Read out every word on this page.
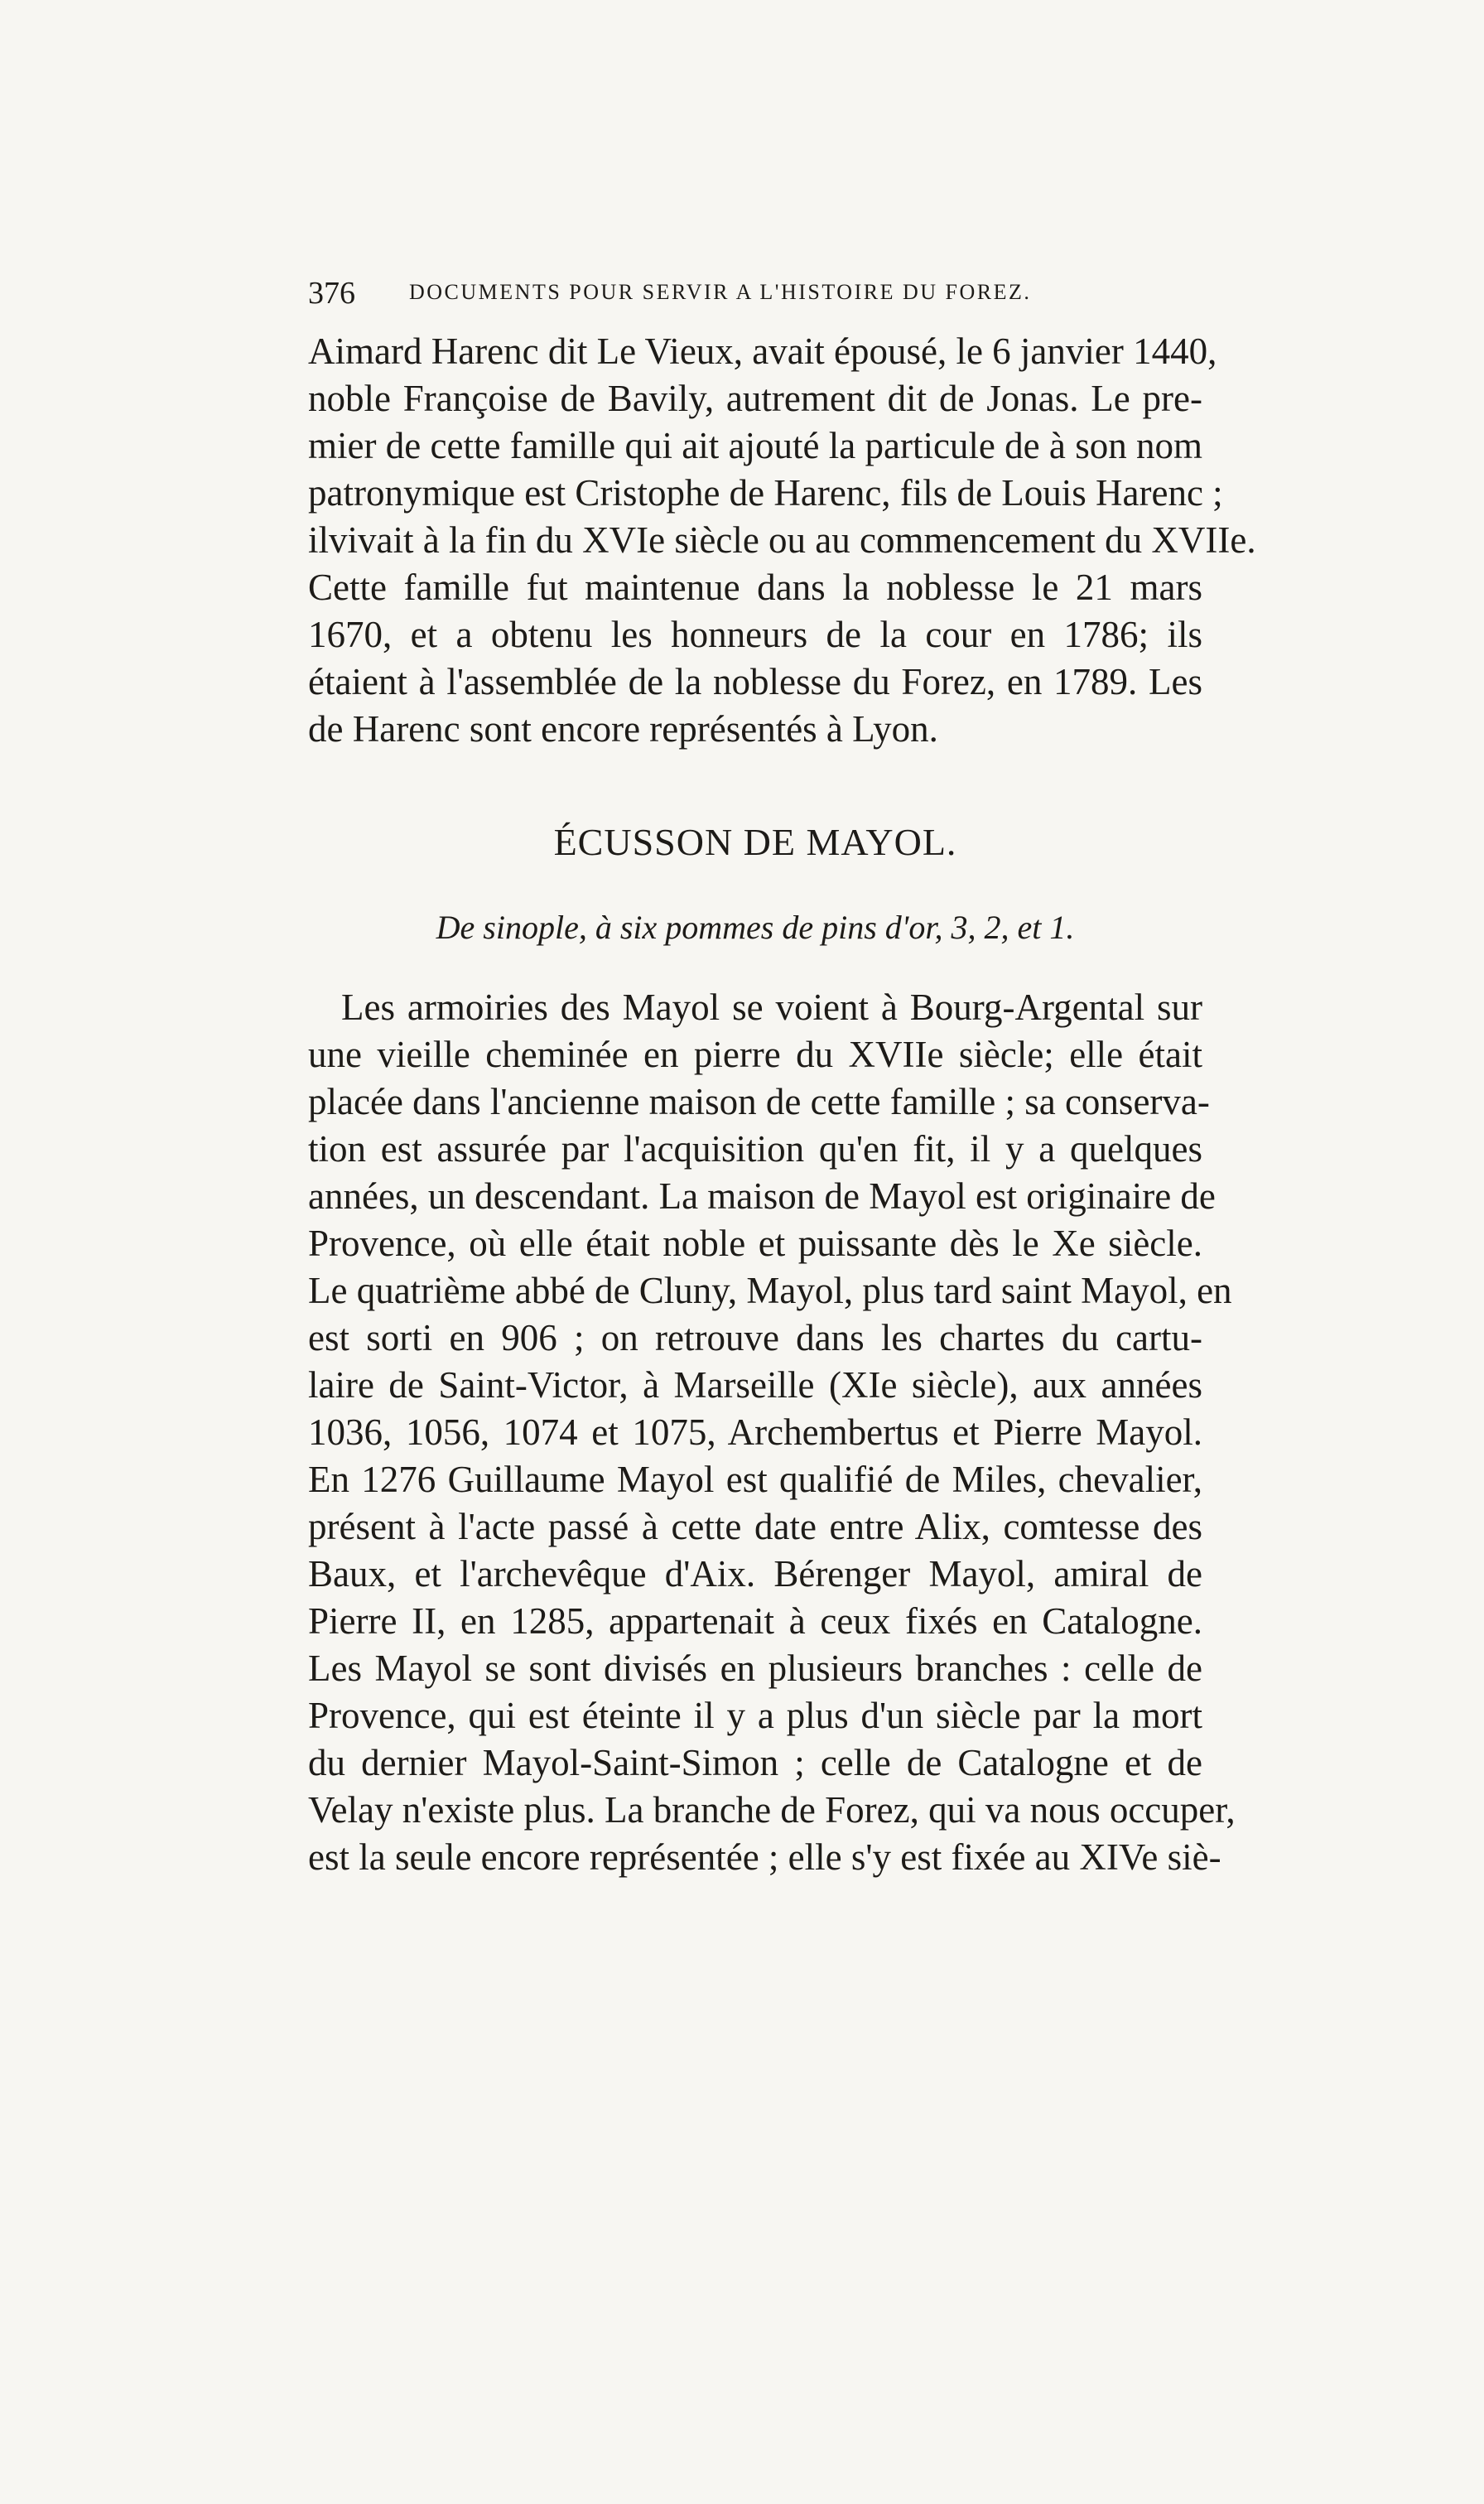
376	DOCUMENTS POUR SERVIR A L'HISTOIRE DU FOREZ.
Aimard Harenc dit Le Vieux, avait épousé, le 6 janvier 1440,
noble Françoise de Bavily, autrement dit de Jonas. Le pre-
mier de cette famille qui ait ajouté la particule de à son nom
patronymique est Cristophe de Harenc, fils de Louis Harenc ;
ilvivait à la fin du XVIe siècle ou au commencement du XVIIe.
Cette famille fut maintenue dans la noblesse le 21 mars
1670, et a obtenu les honneurs de la cour en 1786; ils
étaient à l'assemblée de la noblesse du Forez, en 1789. Les
de Harenc sont encore représentés à Lyon.
ÉCUSSON DE MAYOL.
De sinople, à six pommes de pins d'or, 3, 2, et 1.
Les armoiries des Mayol se voient à Bourg-Argental sur
une vieille cheminée en pierre du XVIIe siècle; elle était
placée dans l'ancienne maison de cette famille ; sa conserva-
tion est assurée par l'acquisition qu'en fit, il y a quelques
années, un descendant. La maison de Mayol est originaire de
Provence, où elle était noble et puissante dès le Xe siècle.
Le quatrième abbé de Cluny, Mayol, plus tard saint Mayol, en
est sorti en 906 ; on retrouve dans les chartes du cartu-
laire de Saint-Victor, à Marseille (XIe siècle), aux années
1036, 1056, 1074 et 1075, Archembertus et Pierre Mayol.
En 1276 Guillaume Mayol est qualifié de Miles, chevalier,
présent à l'acte passé à cette date entre Alix, comtesse des
Baux, et l'archevêque d'Aix. Bérenger Mayol, amiral de
Pierre II, en 1285, appartenait à ceux fixés en Catalogne.
Les Mayol se sont divisés en plusieurs branches : celle de
Provence, qui est éteinte il y a plus d'un siècle par la mort
du dernier Mayol-Saint-Simon ; celle de Catalogne et de
Velay n'existe plus. La branche de Forez, qui va nous occuper,
est la seule encore représentée ; elle s'y est fixée au XIVe siè-
